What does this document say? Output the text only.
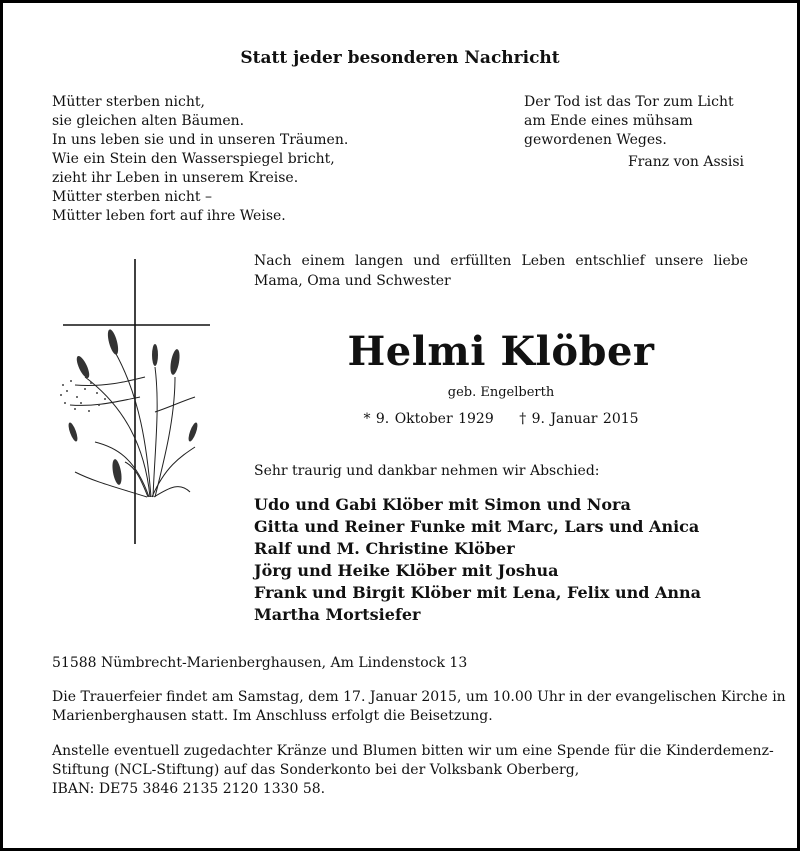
Statt jeder besonderen Nachricht
Mütter sterben nicht,
sie gleichen alten Bäumen.
In uns leben sie und in unseren Träumen.
Wie ein Stein den Wasserspiegel bricht,
zieht ihr Leben in unserem Kreise.
Mütter sterben nicht –
Mütter leben fort auf ihre Weise.
Der Tod ist das Tor zum Licht
am Ende eines mühsam
gewordenen Weges.
Franz von Assisi
Nach einem langen und erfüllten Leben entschlief unsere liebe Mama, Oma und Schwester
Helmi Klöber
geb. Engelberth
* 9. Oktober 1929 † 9. Januar 2015
Sehr traurig und dankbar nehmen wir Abschied:
Udo und Gabi Klöber mit Simon und Nora
Gitta und Reiner Funke mit Marc, Lars und Anica
Ralf und M. Christine Klöber
Jörg und Heike Klöber mit Joshua
Frank und Birgit Klöber mit Lena, Felix und Anna
Martha Mortsiefer
51588 Nümbrecht-Marienberghausen, Am Lindenstock 13
Die Trauerfeier findet am Samstag, dem 17. Januar 2015, um 10.00 Uhr in der evangelischen Kirche in
Marienberghausen statt. Im Anschluss erfolgt die Beisetzung.
Anstelle eventuell zugedachter Kränze und Blumen bitten wir um eine Spende für die Kinderdemenz-
Stiftung (NCL-Stiftung) auf das Sonderkonto bei der Volksbank Oberberg,
IBAN: DE75 3846 2135 2120 1330 58.
